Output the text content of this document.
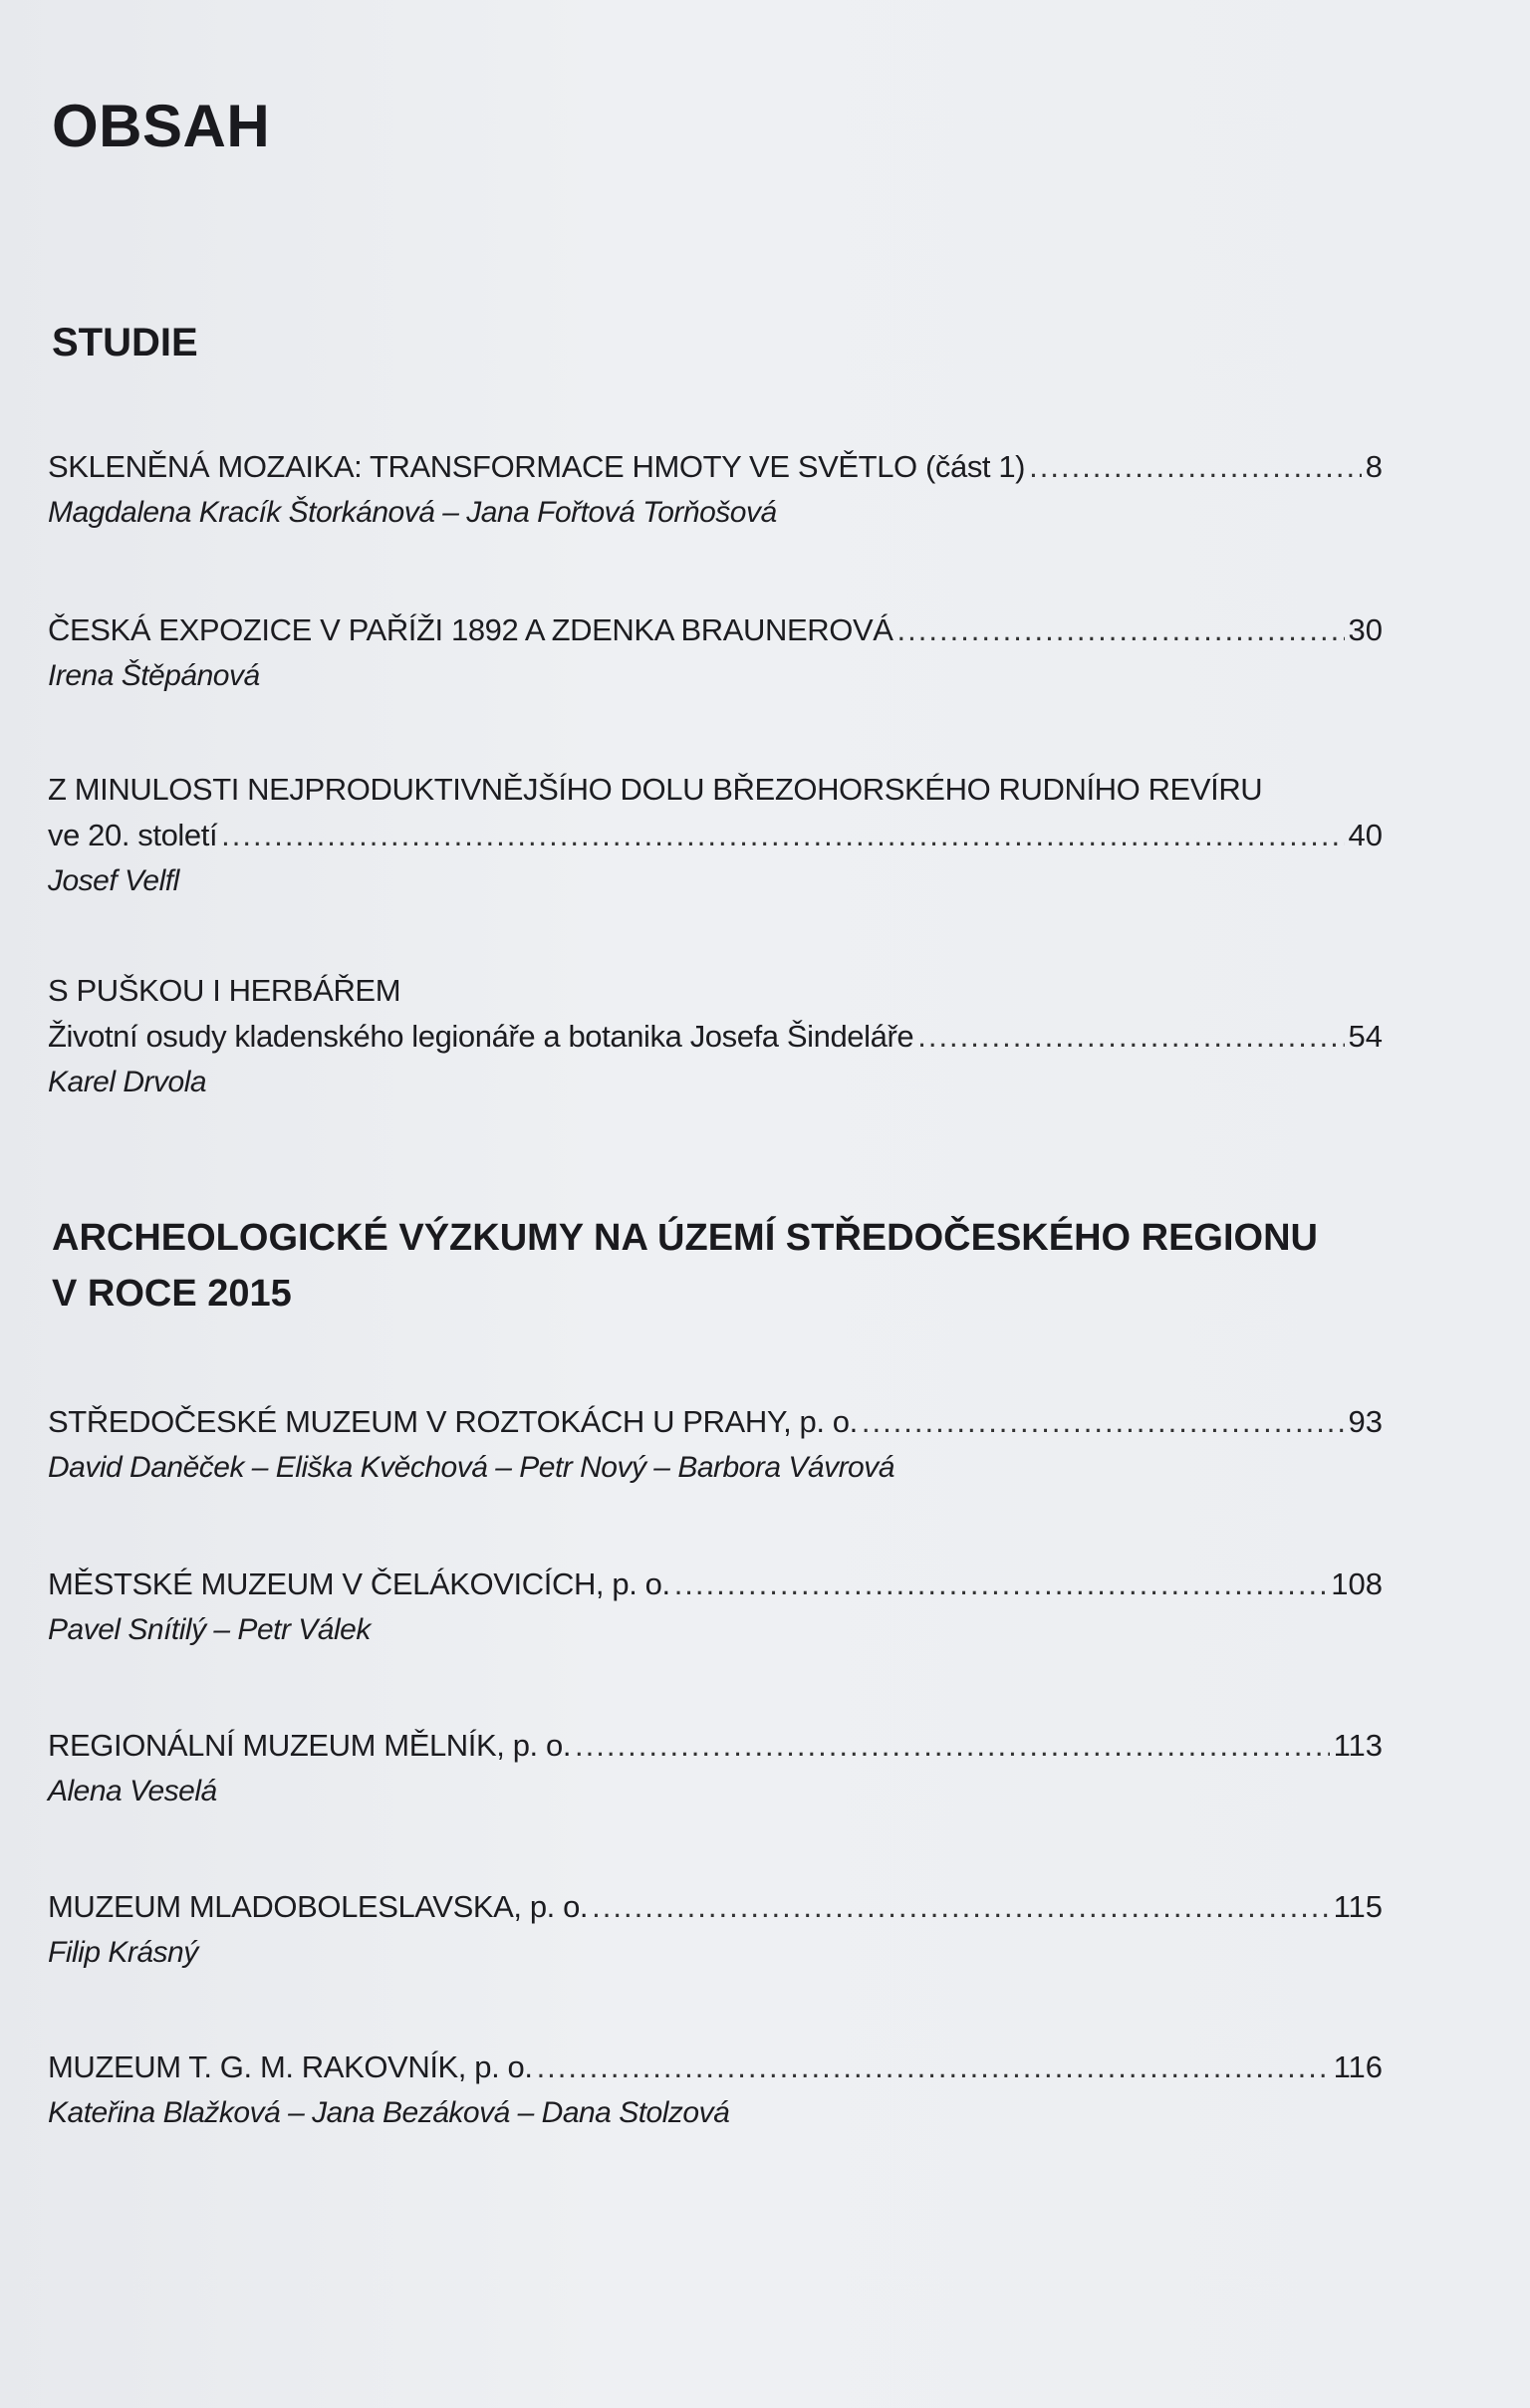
OBSAH
STUDIE
SKLENĚNÁ MOZAIKA: TRANSFORMACE HMOTY VE SVĚTLO (část 1) .....	8
Magdalena Kracík Štorkánová – Jana Fořtová Torňošová
ČESKÁ EXPOZICE V PAŘÍŽI 1892 A ZDENKA BRAUNEROVÁ .....	30
Irena Štěpánová
Z MINULOSTI NEJPRODUKTIVNĚJŠÍHO DOLU BŘEZOHORSKÉHO RUDNÍHO REVÍRU
ve 20. století .....	40
Josef Velfl
S PUŠKOU I HERBÁŘEM
Životní osudy kladenského legionáře a botanika Josefa Šindeláře .....	54
Karel Drvola
ARCHEOLOGICKÉ VÝZKUMY NA ÚZEMÍ STŘEDOČESKÉHO REGIONU
V ROCE 2015
STŘEDOČESKÉ MUZEUM V ROZTOKÁCH U PRAHY, p. o. .....	93
David Daněček – Eliška Kvěchová – Petr Nový – Barbora Vávrová
MĚSTSKÉ MUZEUM V ČELÁKOVICÍCH, p. o. .....	108
Pavel Snítilý – Petr Válek
REGIONÁLNÍ MUZEUM MĚLNÍK, p. o. .....	113
Alena Veselá
MUZEUM MLADOBOLESLAVSKA, p. o. .....	115
Filip Krásný
MUZEUM T. G. M. RAKOVNÍK, p. o. .....	116
Kateřina Blažková – Jana Bezáková – Dana Stolzová
